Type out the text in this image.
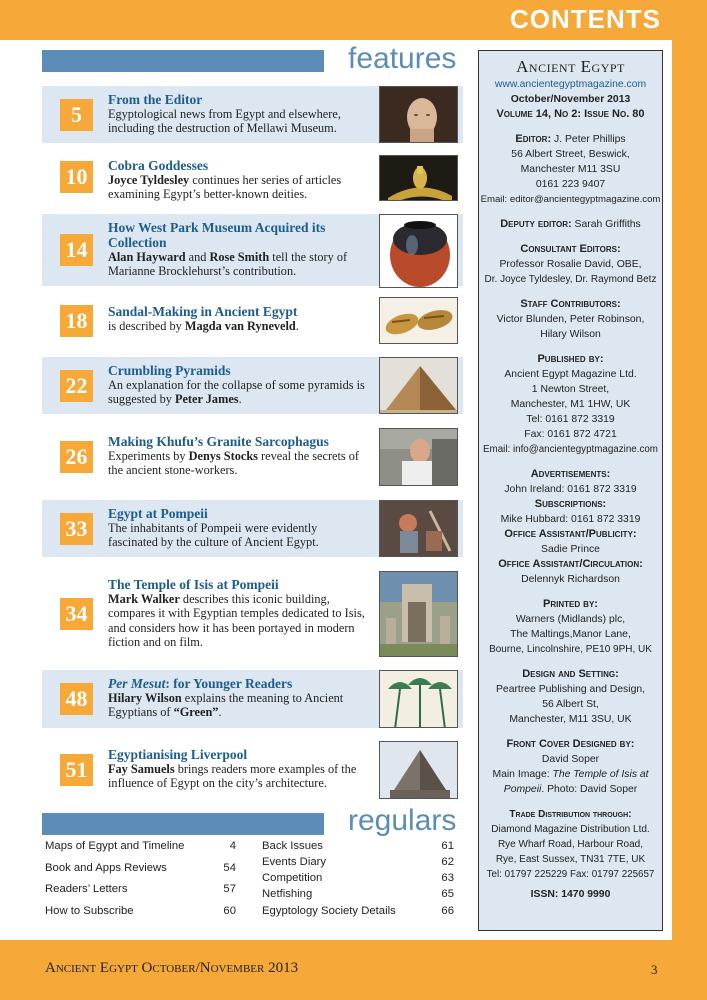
CONTENTS
features
5
From the Editor
Egyptological news from Egypt and elsewhere, including the destruction of Mellawi Museum.
10	Cobra Goddesses
Joyce Tyldesley continues her series of articles examining Egypt’s better-known deities.
14
How West Park Museum Acquired its Collection
Alan Hayward and Rose Smith tell the story of Marianne Brocklehurst’s contribution.
18	Sandal-Making in Ancient Egypt
is described by Magda van Ryneveld.
22
Crumbling Pyramids
An explanation for the collapse of some pyramids is suggested by Peter James.
26
Making Khufu’s Granite Sarcophagus
Experiments by Denys Stocks reveal the secrets of the ancient stone-workers.
33
Egypt at Pompeii
The inhabitants of Pompeii were evidently fascinated by the culture of Ancient Egypt.
34
The Temple of Isis at Pompeii
Mark Walker describes this iconic building, compares it with Egyptian temples dedicated to Isis, and considers how it has been portayed in modern fiction and on film.
48
Per Mesut: for Younger Readers
Hilary Wilson explains the meaning to Ancient Egyptians of “Green”.
51
Egyptianising Liverpool
Fay Samuels brings readers more examples of the influence of Egypt on the city’s architecture.
regulars
Maps of Egypt and Timeline	4
Book and Apps Reviews	54
Readers’ Letters	57
How to Subscribe	60
Back Issues	61
Events Diary	62
Competition	63
Netfishing	65
Egyptology Society Details	66
Ancient Egypt
www.ancientegyptmagazine.com
October/November 2013
Volume 14, No 2: Issue No. 80
Editor: J. Peter Phillips
56 Albert Street, Beswick,
Manchester M11 3SU
0161 223 9407
Email: editor@ancientegyptmagazine.com
Deputy editor: Sarah Griffiths
Consultant Editors:
Professor Rosalie David, OBE,
Dr. Joyce Tyldesley, Dr. Raymond Betz
Staff Contributors:
Victor Blunden, Peter Robinson,
Hilary Wilson
Published by:
Ancient Egypt Magazine Ltd.
1 Newton Street,
Manchester, M1 1HW, UK
Tel: 0161 872 3319
Fax: 0161 872 4721
Email: info@ancientegyptmagazine.com
Advertisements:
John Ireland: 0161 872 3319
Subscriptions:
Mike Hubbard: 0161 872 3319
Office Assistant/Publicity:
Sadie Prince
Office Assistant/Circulation:
Delennyk Richardson
Printed by:
Warners (Midlands) plc,
The Maltings,Manor Lane,
Bourne, Lincolnshire, PE10 9PH, UK
Design and Setting:
Peartree Publishing and Design,
56 Albert St,
Manchester, M11 3SU, UK
Front Cover Designed by:
David Soper
Main Image: The Temple of Isis at
Pompeii. Photo: David Soper
Trade Distribution through:
Diamond Magazine Distribution Ltd.
Rye Wharf Road, Harbour Road,
Rye, East Sussex, TN31 7TE, UK
Tel: 01797 225229 Fax: 01797 225657
ISSN: 1470 9990
Ancient Egypt October/November 2013	3
